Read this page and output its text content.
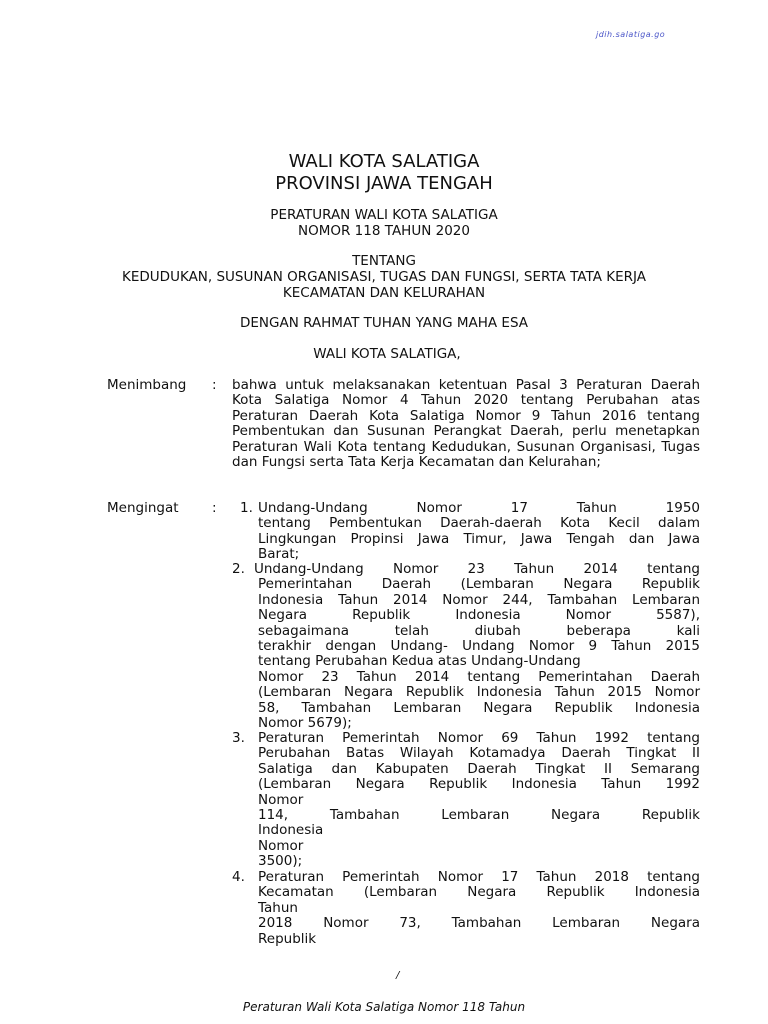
jdih.salatiga.go
WALI KOTA SALATIGA
PROVINSI JAWA TENGAH
PERATURAN WALI KOTA SALATIGA
NOMOR 118 TAHUN 2020
TENTANG
KEDUDUKAN, SUSUNAN ORGANISASI, TUGAS DAN FUNGSI, SERTA TATA KERJA
KECAMATAN DAN KELURAHAN
DENGAN RAHMAT TUHAN YANG MAHA ESA
WALI KOTA SALATIGA,
Menimbang : bahwa untuk melaksanakan ketentuan Pasal 3 Peraturan Daerah Kota Salatiga Nomor 4 Tahun 2020 tentang Perubahan atas Peraturan Daerah Kota Salatiga Nomor 9 Tahun 2016 tentang Pembentukan dan Susunan Perangkat Daerah, perlu menetapkan Peraturan Wali Kota tentang Kedudukan, Susunan Organisasi, Tugas dan Fungsi serta Tata Kerja Kecamatan dan Kelurahan;
Mengingat : 1. Undang-Undang Nomor 17 Tahun 1950
tentang Pembentukan Daerah-daerah Kota Kecil dalam
Lingkungan Propinsi Jawa Timur, Jawa Tengah dan Jawa
Barat;
2. Undang-Undang Nomor 23 Tahun 2014 tentang
Pemerintahan Daerah (Lembaran Negara Republik
Indonesia Tahun 2014 Nomor 244, Tambahan Lembaran
Negara Republik Indonesia Nomor 5587),
sebagaimana telah diubah beberapa kali
terakhir dengan Undang- Undang Nomor 9 Tahun 2015
tentang Perubahan Kedua atas Undang-Undang
Nomor 23 Tahun 2014 tentang Pemerintahan Daerah
(Lembaran Negara Republik Indonesia Tahun 2015 Nomor
58, Tambahan Lembaran Negara Republik Indonesia
Nomor 5679);
3. Peraturan Pemerintah Nomor 69 Tahun 1992 tentang
Perubahan Batas Wilayah Kotamadya Daerah Tingkat II
Salatiga dan Kabupaten Daerah Tingkat II Semarang
(Lembaran Negara Republik Indonesia Tahun 1992
Nomor
114, Tambahan Lembaran Negara Republik
Indonesia
Nomor
3500);
4. Peraturan Pemerintah Nomor 17 Tahun 2018 tentang
Kecamatan (Lembaran Negara Republik Indonesia
Tahun
2018 Nomor 73, Tambahan Lembaran Negara
Republik
/
Peraturan Wali Kota Salatiga Nomor 118 Tahun
